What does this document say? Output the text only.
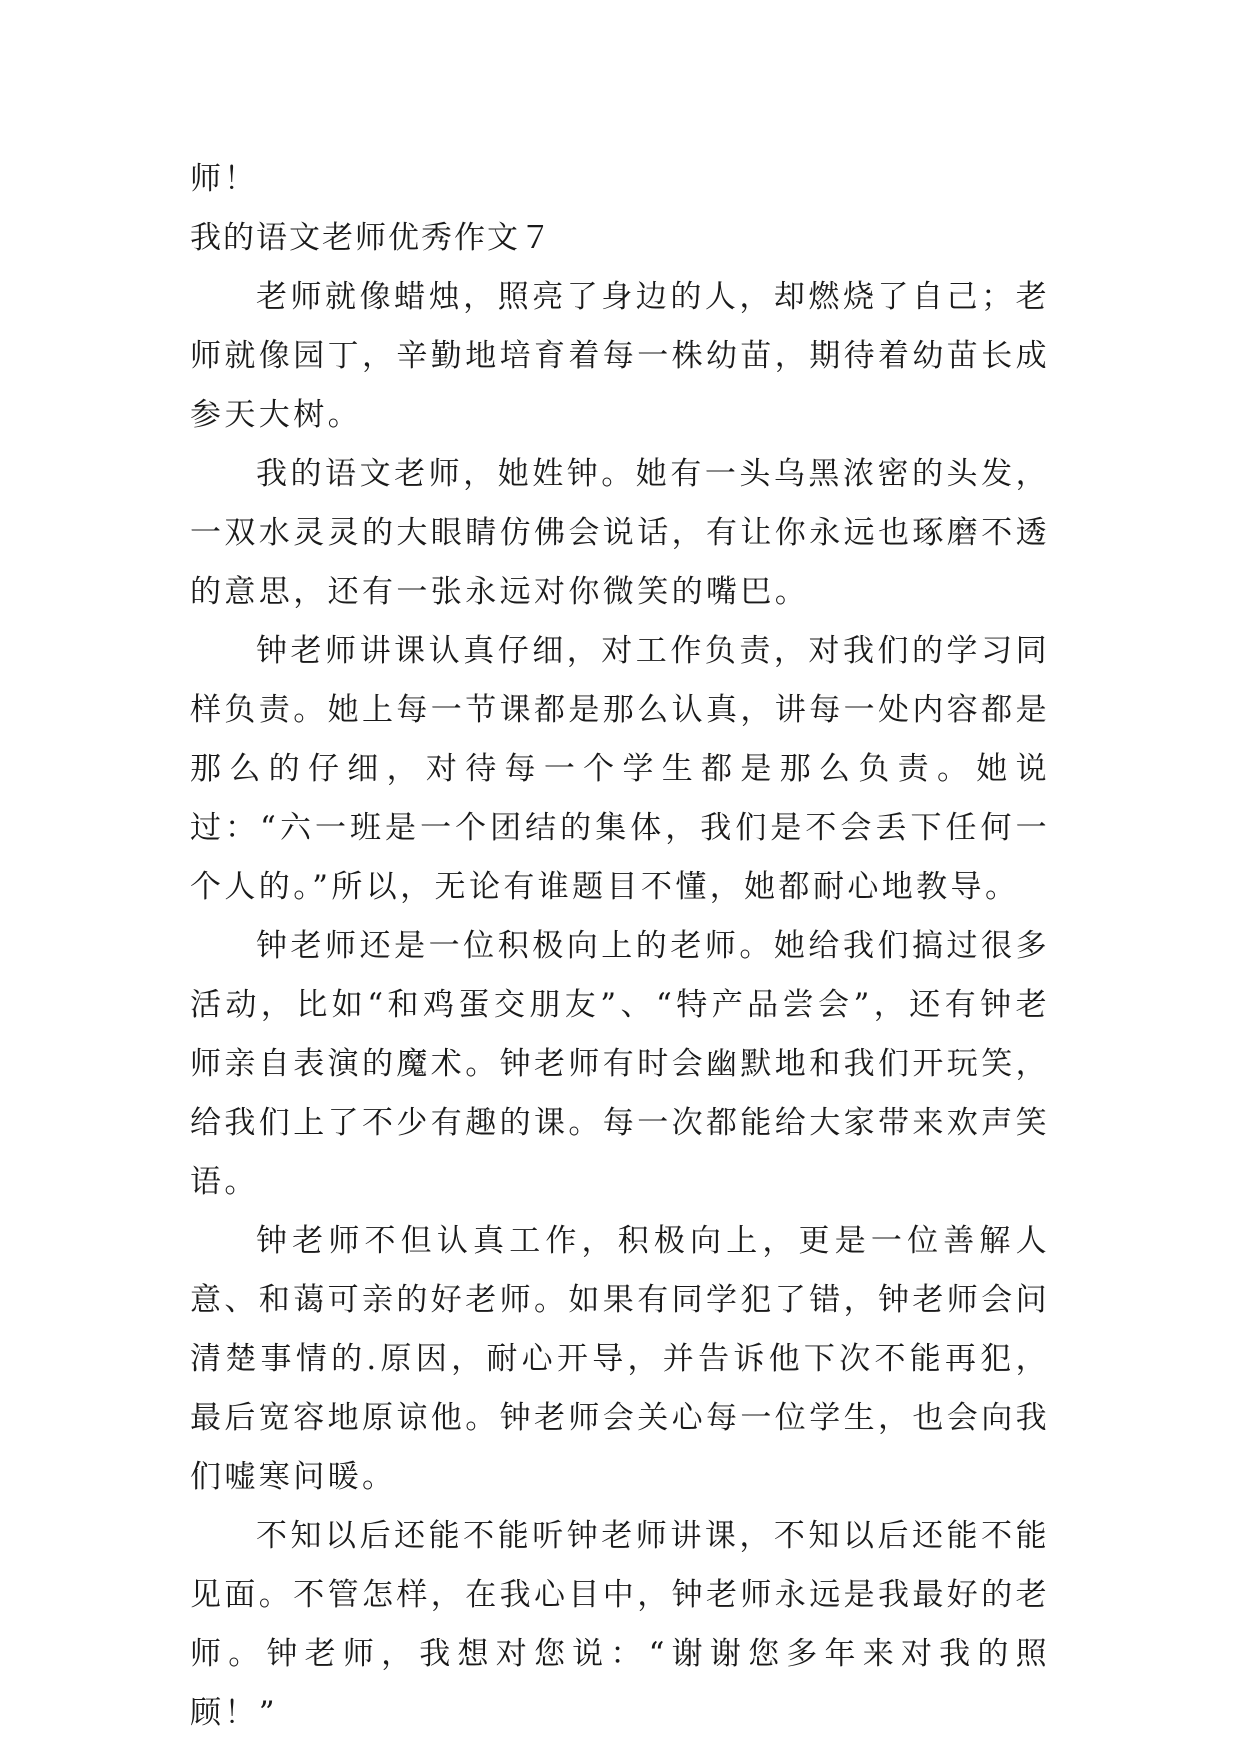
师！

我的语文老师优秀作文７

老师就像蜡烛，照亮了身边的人，却燃烧了自己；老师就像园丁，辛勤地培育着每一株幼苗，期待着幼苗长成参天大树。

我的语文老师，她姓钟。她有一头乌黑浓密的头发，一双水灵灵的大眼睛仿佛会说话，有让你永远也琢磨不透的意思，还有一张永远对你微笑的嘴巴。

钟老师讲课认真仔细，对工作负责，对我们的学习同样负责。她上每一节课都是那么认真，讲每一处内容都是那么的仔细，对待每一个学生都是那么负责。她说过：“六一班是一个团结的集体，我们是不会丢下任何一个人的。”所以，无论有谁题目不懂，她都耐心地教导。

钟老师还是一位积极向上的老师。她给我们搞过很多活动，比如“和鸡蛋交朋友”、“特产品尝会”，还有钟老师亲自表演的魔术。钟老师有时会幽默地和我们开玩笑，给我们上了不少有趣的课。每一次都能给大家带来欢声笑语。

钟老师不但认真工作，积极向上，更是一位善解人意、和蔼可亲的好老师。如果有同学犯了错，钟老师会问清楚事情的.原因，耐心开导，并告诉他下次不能再犯，最后宽容地原谅他。钟老师会关心每一位学生，也会向我们嘘寒问暖。

不知以后还能不能听钟老师讲课，不知以后还能不能见面。不管怎样，在我心目中，钟老师永远是我最好的老师。钟老师，我想对您说：“谢谢您多年来对我的照顾！”
